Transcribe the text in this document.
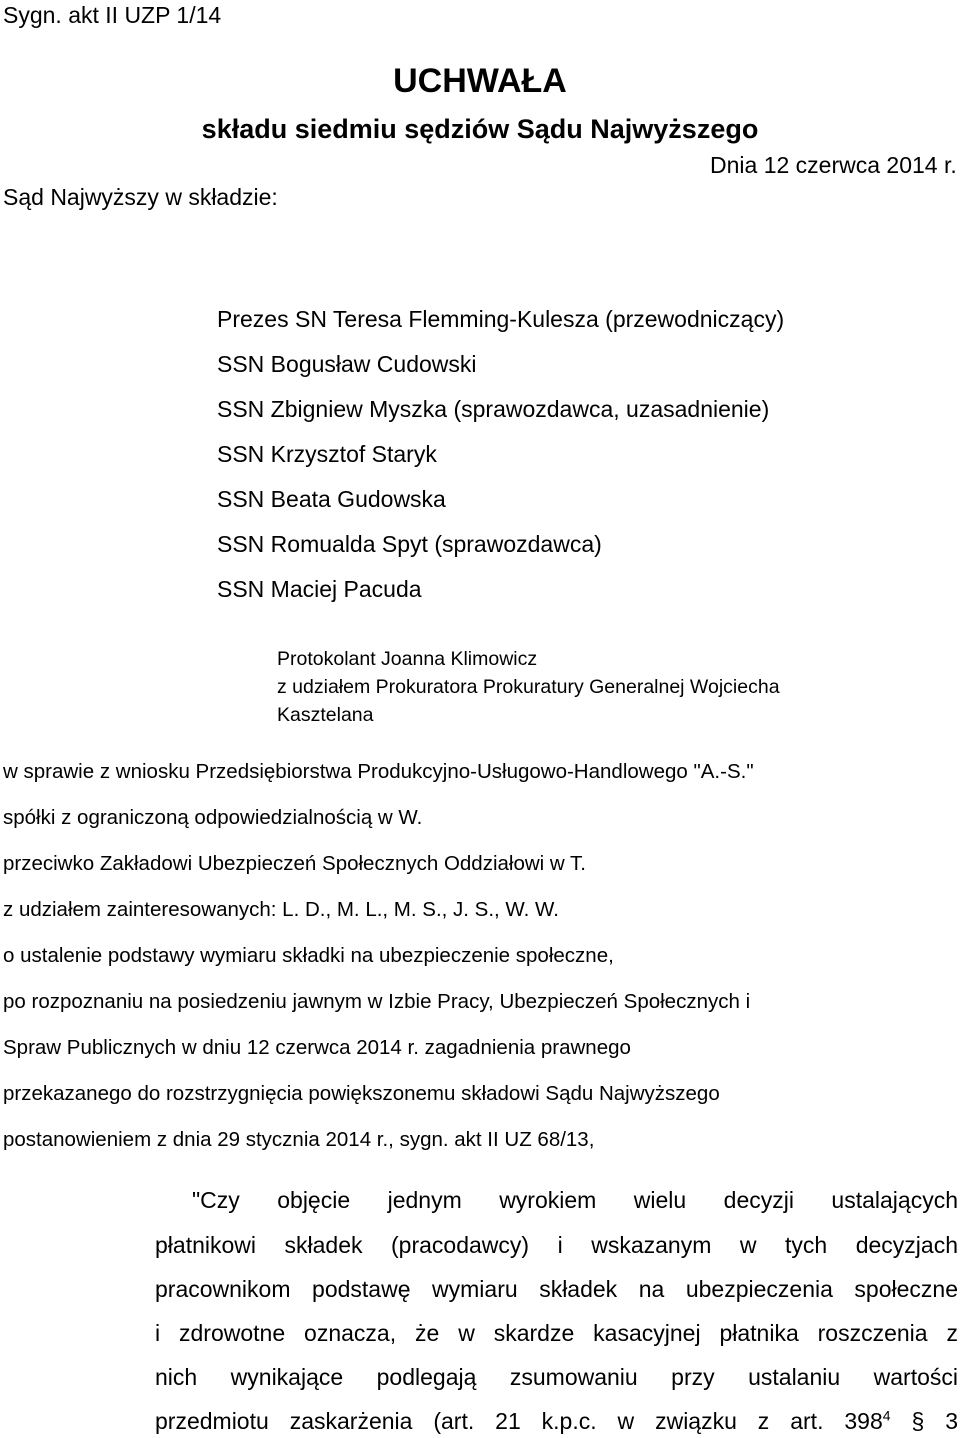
Sygn. akt II UZP 1/14
UCHWAŁA
składu siedmiu sędziów Sądu Najwyższego
Dnia 12 czerwca 2014 r.
Sąd Najwyższy w składzie:
Prezes SN Teresa Flemming-Kulesza (przewodniczący)
SSN Bogusław Cudowski
SSN Zbigniew Myszka (sprawozdawca, uzasadnienie)
SSN Krzysztof Staryk
SSN Beata Gudowska
SSN Romualda Spyt (sprawozdawca)
SSN Maciej Pacuda
Protokolant Joanna Klimowicz
z udziałem Prokuratora Prokuratury Generalnej Wojciecha
Kasztelana
w sprawie z wniosku Przedsiębiorstwa Produkcyjno-Usługowo-Handlowego "A.-S."
spółki z ograniczoną odpowiedzialnością w W.
przeciwko Zakładowi Ubezpieczeń Społecznych Oddziałowi w T.
z udziałem zainteresowanych: L. D., M. L., M. S., J. S., W. W.
o ustalenie podstawy wymiaru składki na ubezpieczenie społeczne,
po rozpoznaniu na posiedzeniu jawnym w Izbie Pracy, Ubezpieczeń Społecznych i
Spraw Publicznych w dniu 12 czerwca 2014 r. zagadnienia prawnego
przekazanego do rozstrzygnięcia powiększonemu składowi Sądu Najwyższego
postanowieniem z dnia 29 stycznia 2014 r., sygn. akt II UZ 68/13,
"Czy objęcie jednym wyrokiem wielu decyzji ustalających
płatnikowi składek (pracodawcy) i wskazanym w tych decyzjach
pracownikom podstawę wymiaru składek na ubezpieczenia społeczne
i zdrowotne oznacza, że w skardze kasacyjnej płatnika roszczenia z
nich wynikające podlegają zsumowaniu przy ustalaniu wartości
przedmiotu zaskarżenia (art. 21 k.p.c. w związku z art. $398^4$ § 3
